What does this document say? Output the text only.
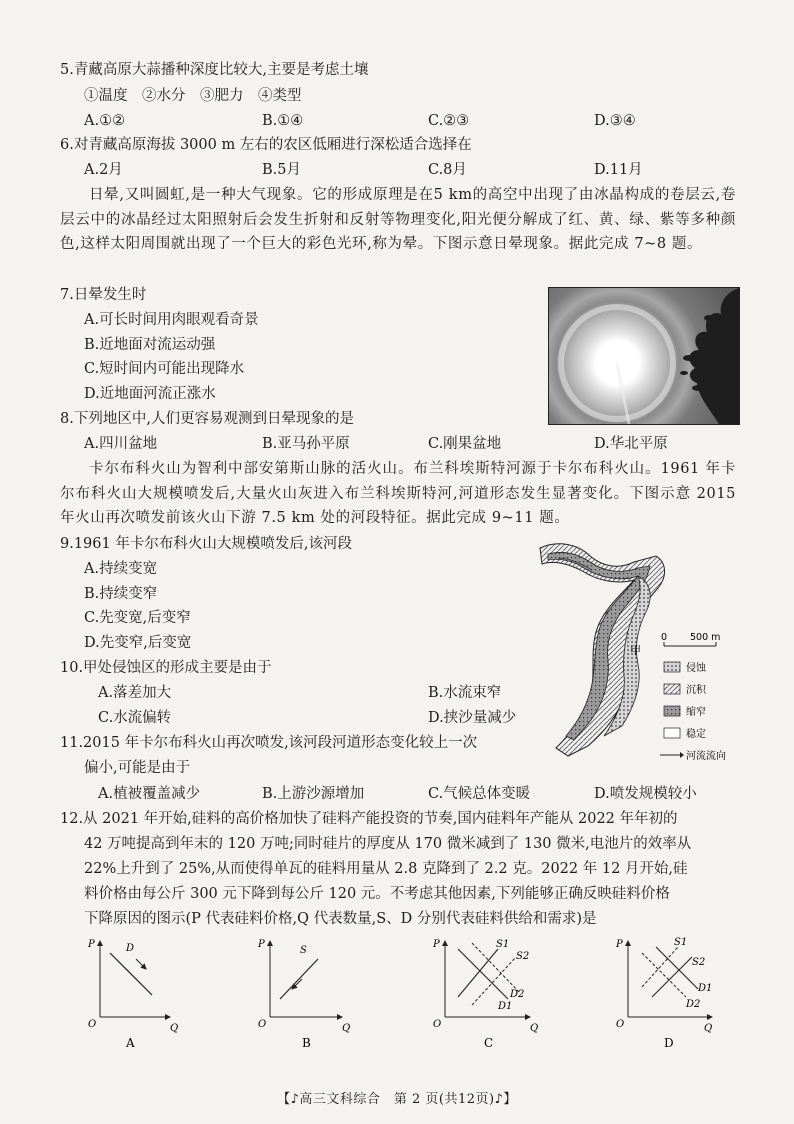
5.青藏高原大蒜播种深度比较大,主要是考虑土壤
①温度　②水分　③肥力　④类型
A.①②	B.①④	C.②③	D.③④
6.对青藏高原海拔 3000 m 左右的农区低厢进行深松适合选择在
A.2月	B.5月	C.8月	D.11月
日晕,又叫圆虹,是一种大气现象。它的形成原理是在5 km的高空中出现了由冰晶构成的卷层云,卷层云中的冰晶经过太阳照射后会发生折射和反射等物理变化,阳光便分解成了红、黄、绿、紫等多种颜色,这样太阳周围就出现了一个巨大的彩色光环,称为晕。下图示意日晕现象。据此完成 7~8 题。
7.日晕发生时
A.可长时间用肉眼观看奇景
B.近地面对流运动强
C.短时间内可能出现降水
D.近地面河流正涨水
8.下列地区中,人们更容易观测到日晕现象的是
A.四川盆地	B.亚马孙平原	C.刚果盆地	D.华北平原
卡尔布科火山为智利中部安第斯山脉的活火山。布兰科埃斯特河源于卡尔布科火山。1961 年卡尔布科火山大规模喷发后,大量火山灰进入布兰科埃斯特河,河道形态发生显著变化。下图示意 2015 年火山再次喷发前该火山下游 7.5 km 处的河段特征。据此完成 9~11 题。
9.1961 年卡尔布科火山大规模喷发后,该河段
A.持续变宽
B.持续变窄
C.先变宽,后变窄
D.先变窄,后变宽	甲
0 500 m
侵蚀
沉积
缩窄
稳定
河流流向
10.甲处侵蚀区的形成主要是由于
A.落差加大	B.水流束窄
C.水流偏转	D.挟沙量减少
11.2015 年卡尔布科火山再次喷发,该河段河道形态变化较上一次
偏小,可能是由于
A.植被覆盖减少	B.上游沙源增加	C.气候总体变暖	D.喷发规模较小
12.从 2021 年开始,硅料的高价格加快了硅料产能投资的节奏,国内硅料年产能从 2022 年年初的
42 万吨提高到年末的 120 万吨;同时硅片的厚度从 170 微米减到了 130 微米,电池片的效率从
22%上升到了 25%,从而使得单瓦的硅料用量从 2.8 克降到了 2.2 克。2022 年 12 月开始,硅
料价格由每公斤 300 元下降到每公斤 120 元。不考虑其他因素,下列能够正确反映硅料价格
下降原因的图示(P 代表硅料价格,Q 代表数量,S、D 分别代表硅料供给和需求)是
P
Q
O
D
A
P
Q
O
S
B
P
Q
O
S1
S2
D2
D1
C
P
Q
O
S1
S2
D1
D2
D
【♪高三文科综合　第 2 页(共12页)♪】
